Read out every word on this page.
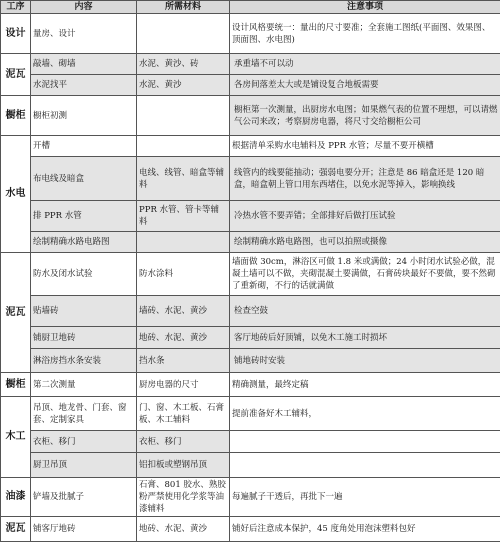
工序	内容	所需材料	注意事项
设计	量房、设计		设计风格要统一：量出的尺寸要准；全套施工图纸(平面图、效果图、顶面图、水电图)
泥瓦	敲墙、砌墙	水泥、黄沙、砖	承重墙不可以动
	水泥找平	水泥、黄沙	各房间落差太大或是铺设复合地板需要
橱柜	橱柜初测		橱柜第一次测量，出厨房水电图；如果燃气表的位置不理想，可以请燃气公司来改；考察厨房电器，将尺寸交给橱柜公司
水电	开槽		根据清单采购水电辅料及 PPR 水管；尽量不要开横槽
	布电线及暗盒	电线、线管、暗盒等辅料	线管内的线要能抽动；强弱电要分开；注意是 86 暗盒还是 120 暗盒，暗盒朝上管口用东西堵住，以免水泥等掉入，影响换线
	排 PPR 水管	PPR 水管、管卡等辅料	冷热水管不要弄错；全部排好后做打压试验
	绘制精确水路电路图		绘制精确水路电路图，也可以拍照或摄像
泥瓦	防水及闭水试验	防水涂料	墙面做 30cm，淋浴区可做 1.8 米或满做；24 小时闭水试验必做，混凝土墙可以不做，夹砌混凝土要满做，石膏砖块最好不要做，要不然砌了重新砌，不行的话就满做
	贴墙砖	墙砖、水泥、黄沙	检查空鼓
	铺厨卫地砖	地砖、水泥、黄沙	客厅地砖后好顶铺，以免木工施工时损坏
	淋浴房挡水条安装	挡水条	铺地砖时安装
橱柜	第二次测量	厨房电器的尺寸	精确测量，最终定稿
木工	吊顶、地龙骨、门套、窗套、定制家具	门、窗、木工板、石膏板、木工辅料	提前准备好木工辅料，
	衣柜、移门	衣柜、移门	
	厨卫吊顶	铝扣板或塑钢吊顶	
油漆	铲墙及批腻子	石膏、801 胶水、熟胶粉严禁使用化学浆等油漆辅料	每遍腻子干透后，再批下一遍
泥瓦	铺客厅地砖	地砖、水泥、黄沙	铺好后注意成本保护，45 度角处用泡沫塑料包好
